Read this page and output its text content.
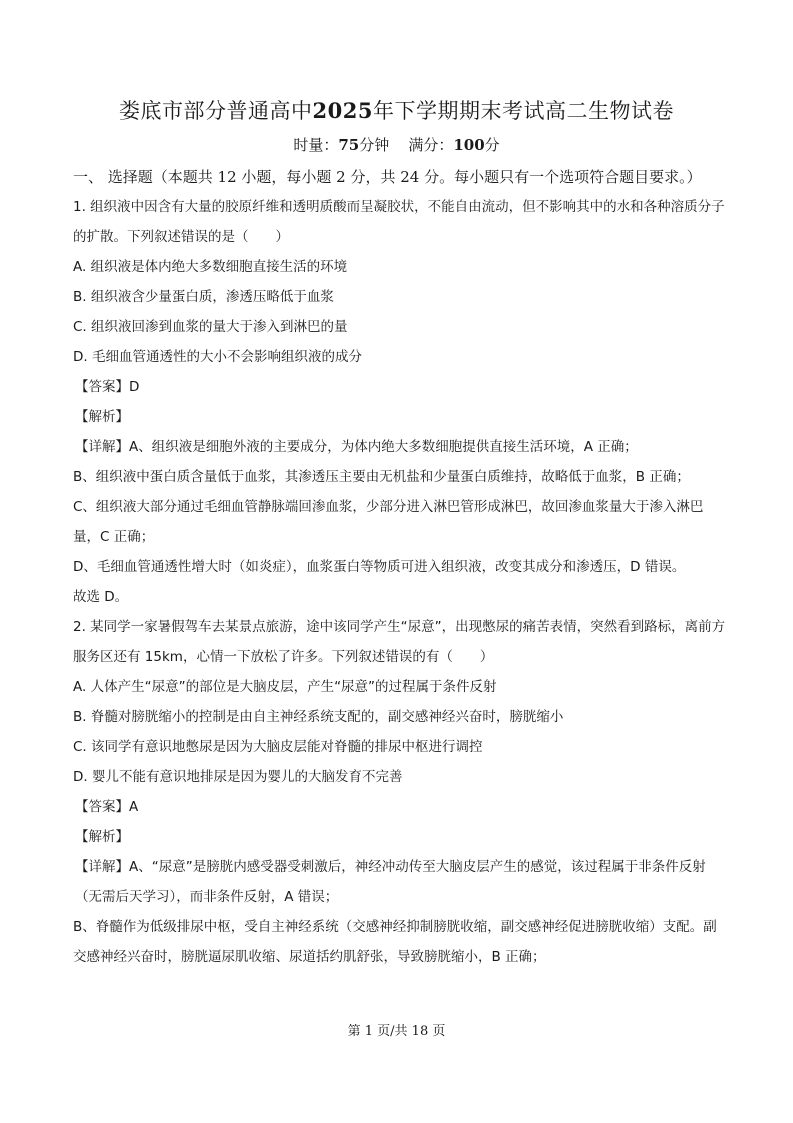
娄底市部分普通高中2025年下学期期末考试高二生物试卷
时量：75分钟 满分：100分
一、 选择题（本题共 12 小题，每小题 2 分，共 24 分。每小题只有一个选项符合题目要求。）
1. 组织液中因含有大量的胶原纤维和透明质酸而呈凝胶状，不能自由流动，但不影响其中的水和各种溶质分子的扩散。下列叙述错误的是（　　）
A. 组织液是体内绝大多数细胞直接生活的环境
B. 组织液含少量蛋白质，渗透压略低于血浆
C. 组织液回渗到血浆的量大于渗入到淋巴的量
D. 毛细血管通透性的大小不会影响组织液的成分
【答案】D
【解析】
【详解】A、组织液是细胞外液的主要成分，为体内绝大多数细胞提供直接生活环境，A 正确；
B、组织液中蛋白质含量低于血浆，其渗透压主要由无机盐和少量蛋白质维持，故略低于血浆，B 正确；
C、组织液大部分通过毛细血管静脉端回渗血浆，少部分进入淋巴管形成淋巴，故回渗血浆量大于渗入淋巴量，C 正确；
D、毛细血管通透性增大时（如炎症），血浆蛋白等物质可进入组织液，改变其成分和渗透压，D 错误。
故选 D。
2. 某同学一家暑假驾车去某景点旅游，途中该同学产生“尿意”，出现憋尿的痛苦表情，突然看到路标，离前方服务区还有 15km，心情一下放松了许多。下列叙述错误的有（　　）
A. 人体产生“尿意”的部位是大脑皮层，产生“尿意”的过程属于条件反射
B. 脊髓对膀胱缩小的控制是由自主神经系统支配的，副交感神经兴奋时，膀胱缩小
C. 该同学有意识地憋尿是因为大脑皮层能对脊髓的排尿中枢进行调控
D. 婴儿不能有意识地排尿是因为婴儿的大脑发育不完善
【答案】A
【解析】
【详解】A、“尿意”是膀胱内感受器受刺激后，神经冲动传至大脑皮层产生的感觉，该过程属于非条件反射（无需后天学习），而非条件反射，A 错误；
B、脊髓作为低级排尿中枢，受自主神经系统（交感神经抑制膀胱收缩，副交感神经促进膀胱收缩）支配。副交感神经兴奋时，膀胱逼尿肌收缩、尿道括约肌舒张，导致膀胱缩小，B 正确；
第 1 页/共 18 页
